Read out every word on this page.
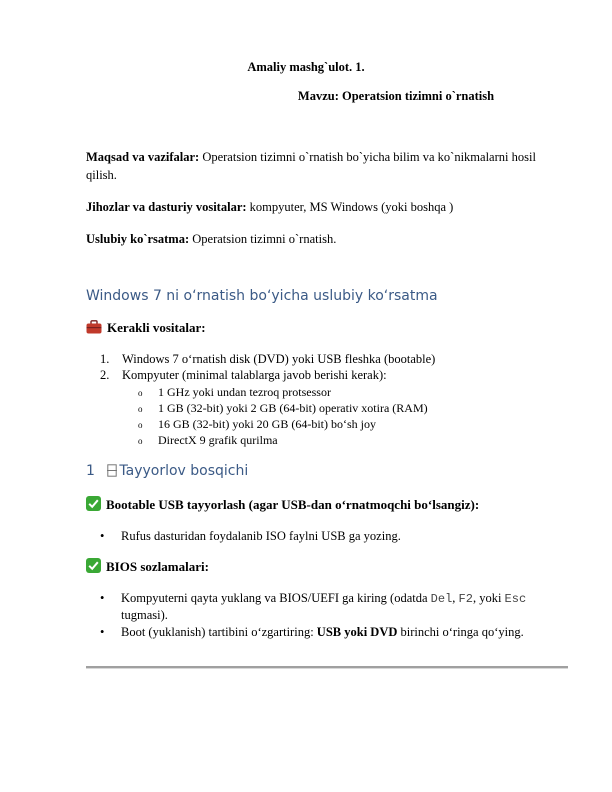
Amaliy mashg`ulot. 1.
Mavzu: Operatsion tizimni o`rnatish
Maqsad va vazifalar: Operatsion tizimni o`rnatish bo`yicha bilim va ko`nikmalarni hosil qilish.
Jihozlar va dasturiy vositalar: kompyuter, MS Windows (yoki boshqa )
Uslubiy ko`rsatma: Operatsion tizimni o`rnatish.
Windows 7 ni o‘rnatish bo‘yicha uslubiy ko‘rsatma
Kerakli vositalar:
1. Windows 7 o‘rnatish disk (DVD) yoki USB fleshka (bootable)
2. Kompyuter (minimal talablarga javob berishi kerak):
o 1 GHz yoki undan tezroq protsessor
o 1 GB (32-bit) yoki 2 GB (64-bit) operativ xotira (RAM)
o 16 GB (32-bit) yoki 20 GB (64-bit) bo‘sh joy
o DirectX 9 grafik qurilma
1 Tayyorlov bosqichi
Bootable USB tayyorlash (agar USB-dan o‘rnatmoqchi bo‘lsangiz):
• Rufus dasturidan foydalanib ISO faylni USB ga yozing.
BIOS sozlamalari:
• Kompyuterni qayta yuklang va BIOS/UEFI ga kiring (odatda Del, F2, yoki Esc tugmasi).
• Boot (yuklanish) tartibini o‘zgartiring: USB yoki DVD birinchi o‘ringa qo‘ying.
